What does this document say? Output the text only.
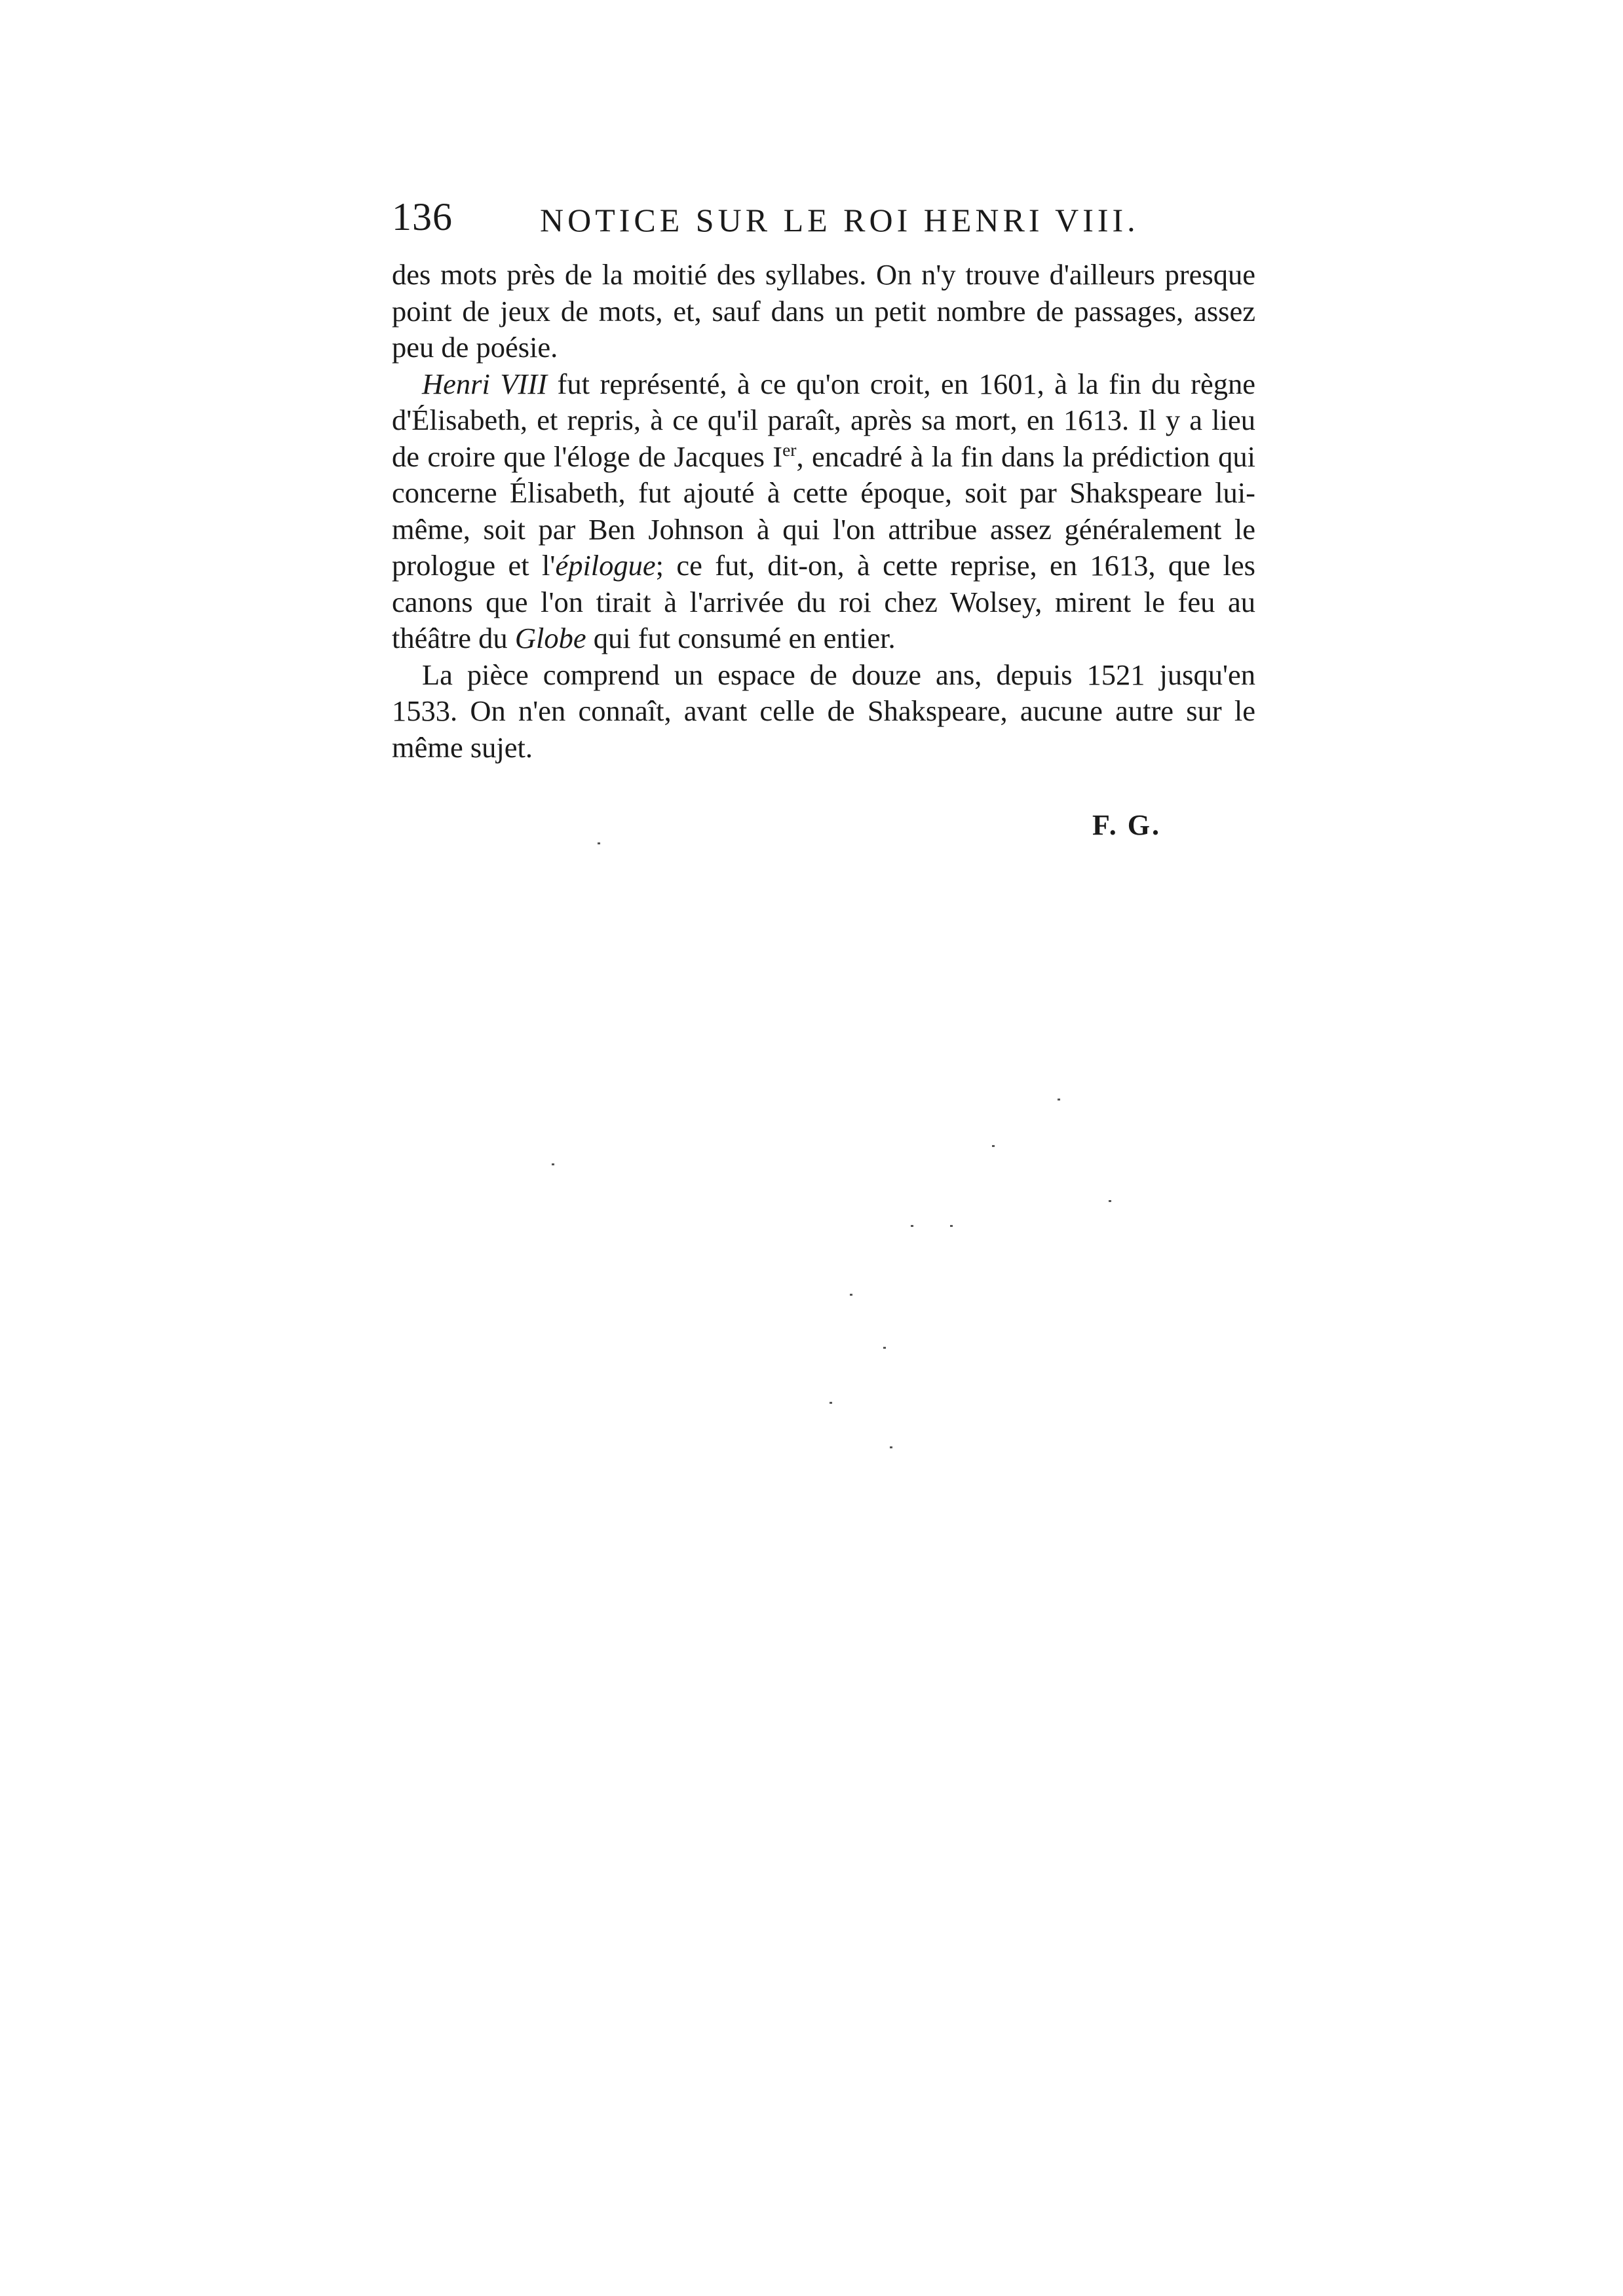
136	NOTICE SUR LE ROI HENRI VIII.

des mots près de la moitié des syllabes. On n'y trouve d'ailleurs presque point de jeux de mots, et, sauf dans un petit nombre de passages, assez peu de poésie.

Henri VIII fut représenté, à ce qu'on croit, en 1601, à la fin du règne d'Élisabeth, et repris, à ce qu'il paraît, après sa mort, en 1613. Il y a lieu de croire que l'éloge de Jacques Ier, encadré à la fin dans la prédiction qui concerne Élisabeth, fut ajouté à cette époque, soit par Shakspeare lui-même, soit par Ben Johnson à qui l'on attribue assez généralement le prologue et l'épilogue; ce fut, dit-on, à cette reprise, en 1613, que les canons que l'on tirait à l'arrivée du roi chez Wolsey, mirent le feu au théâtre du Globe qui fut consumé en entier.

La pièce comprend un espace de douze ans, depuis 1521 jusqu'en 1533. On n'en connaît, avant celle de Shakspeare, aucune autre sur le même sujet.

F. G.
